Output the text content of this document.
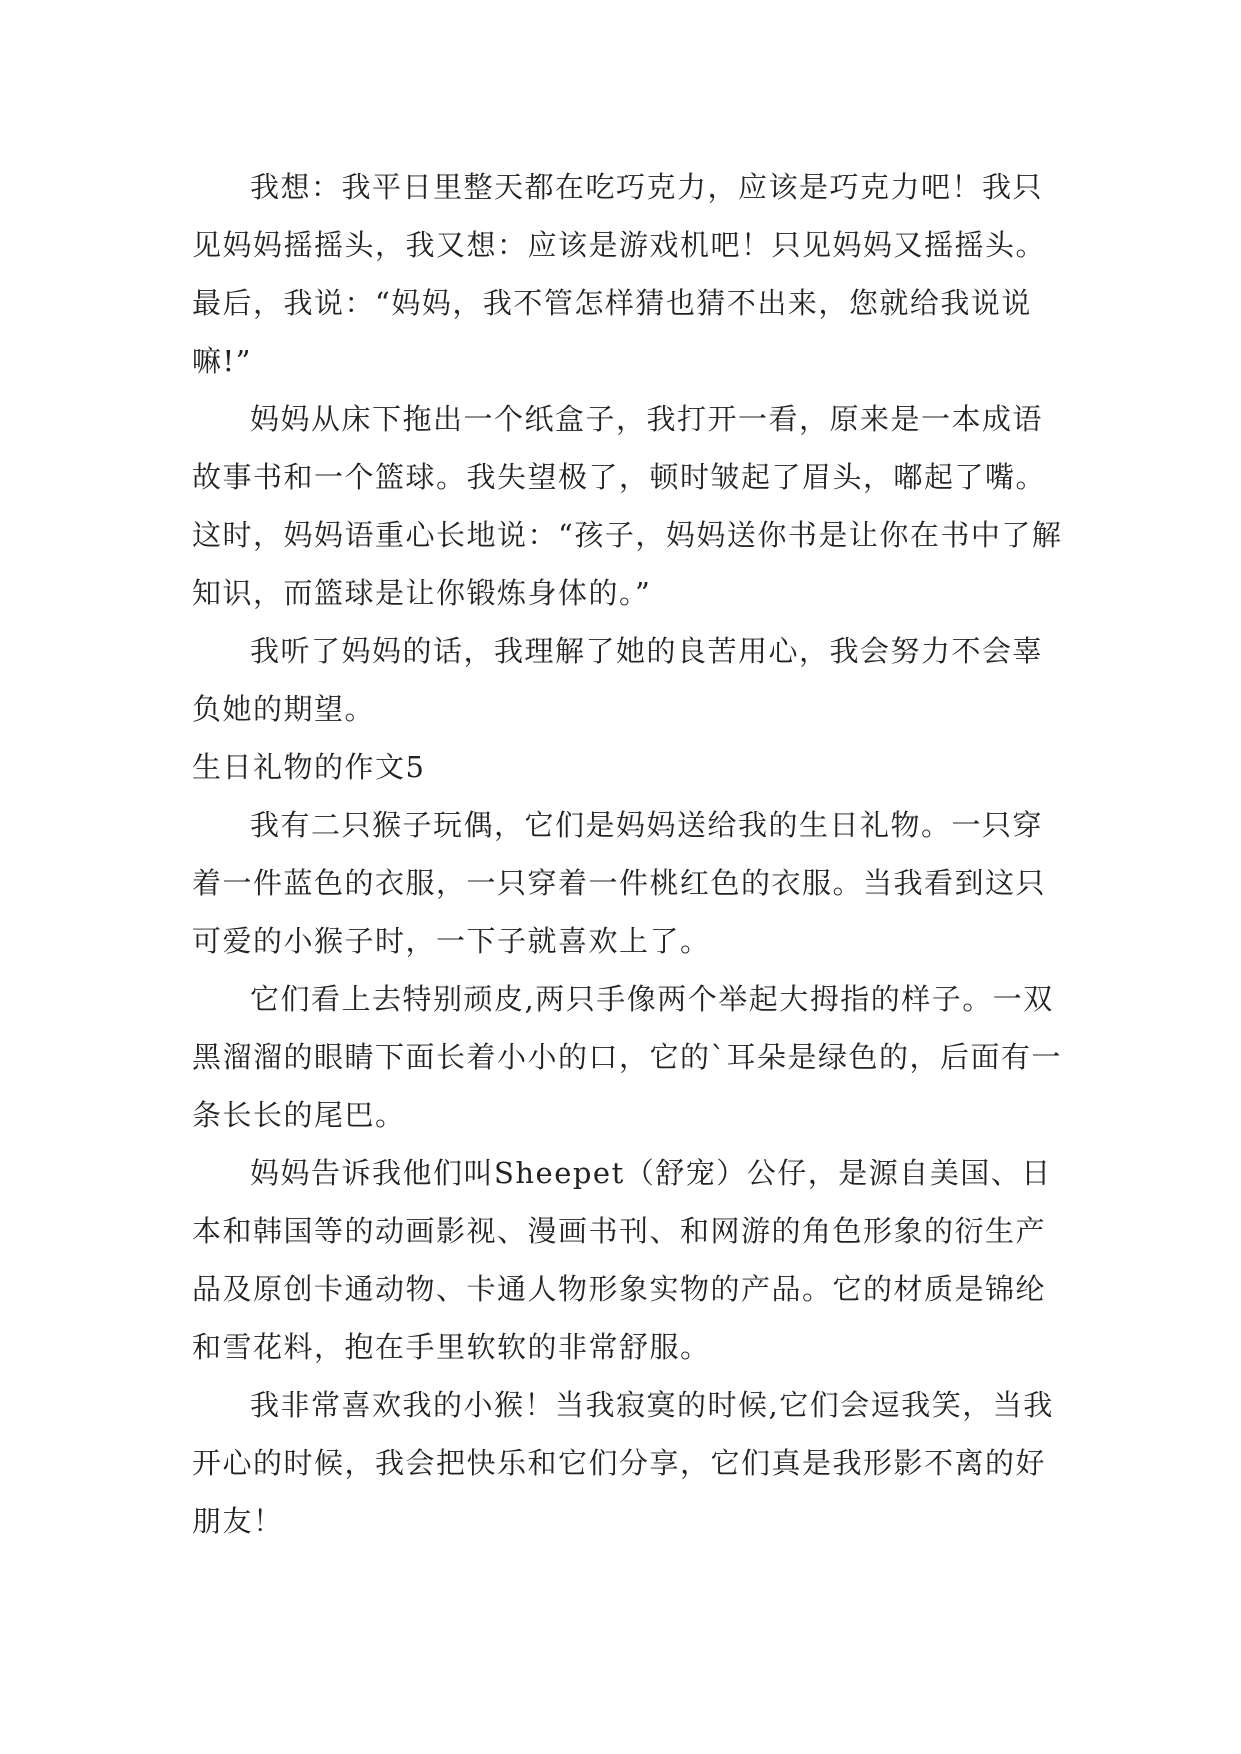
我想：我平日里整天都在吃巧克力，应该是巧克力吧！我只见妈妈摇摇头，我又想：应该是游戏机吧！只见妈妈又摇摇头。最后，我说：“妈妈，我不管怎样猜也猜不出来，您就给我说说嘛!”

妈妈从床下拖出一个纸盒子，我打开一看，原来是一本成语故事书和一个篮球。我失望极了，顿时皱起了眉头，嘟起了嘴。这时，妈妈语重心长地说：“孩子，妈妈送你书是让你在书中了解知识，而篮球是让你锻炼身体的。”

我听了妈妈的话，我理解了她的良苦用心，我会努力不会辜负她的期望。

生日礼物的作文5

我有二只猴子玩偶，它们是妈妈送给我的生日礼物。一只穿着一件蓝色的衣服，一只穿着一件桃红色的衣服。当我看到这只可爱的小猴子时，一下子就喜欢上了。

它们看上去特别顽皮,两只手像两个举起大拇指的样子。一双黑溜溜的眼睛下面长着小小的口，它的`耳朵是绿色的，后面有一条长长的尾巴。

妈妈告诉我他们叫Sheepet（舒宠）公仔，是源自美国、日本和韩国等的动画影视、漫画书刊、和网游的角色形象的衍生产品及原创卡通动物、卡通人物形象实物的产品。它的材质是锦纶和雪花料，抱在手里软软的非常舒服。

我非常喜欢我的小猴！当我寂寞的时候,它们会逗我笑，当我开心的时候，我会把快乐和它们分享，它们真是我形影不离的好朋友！
